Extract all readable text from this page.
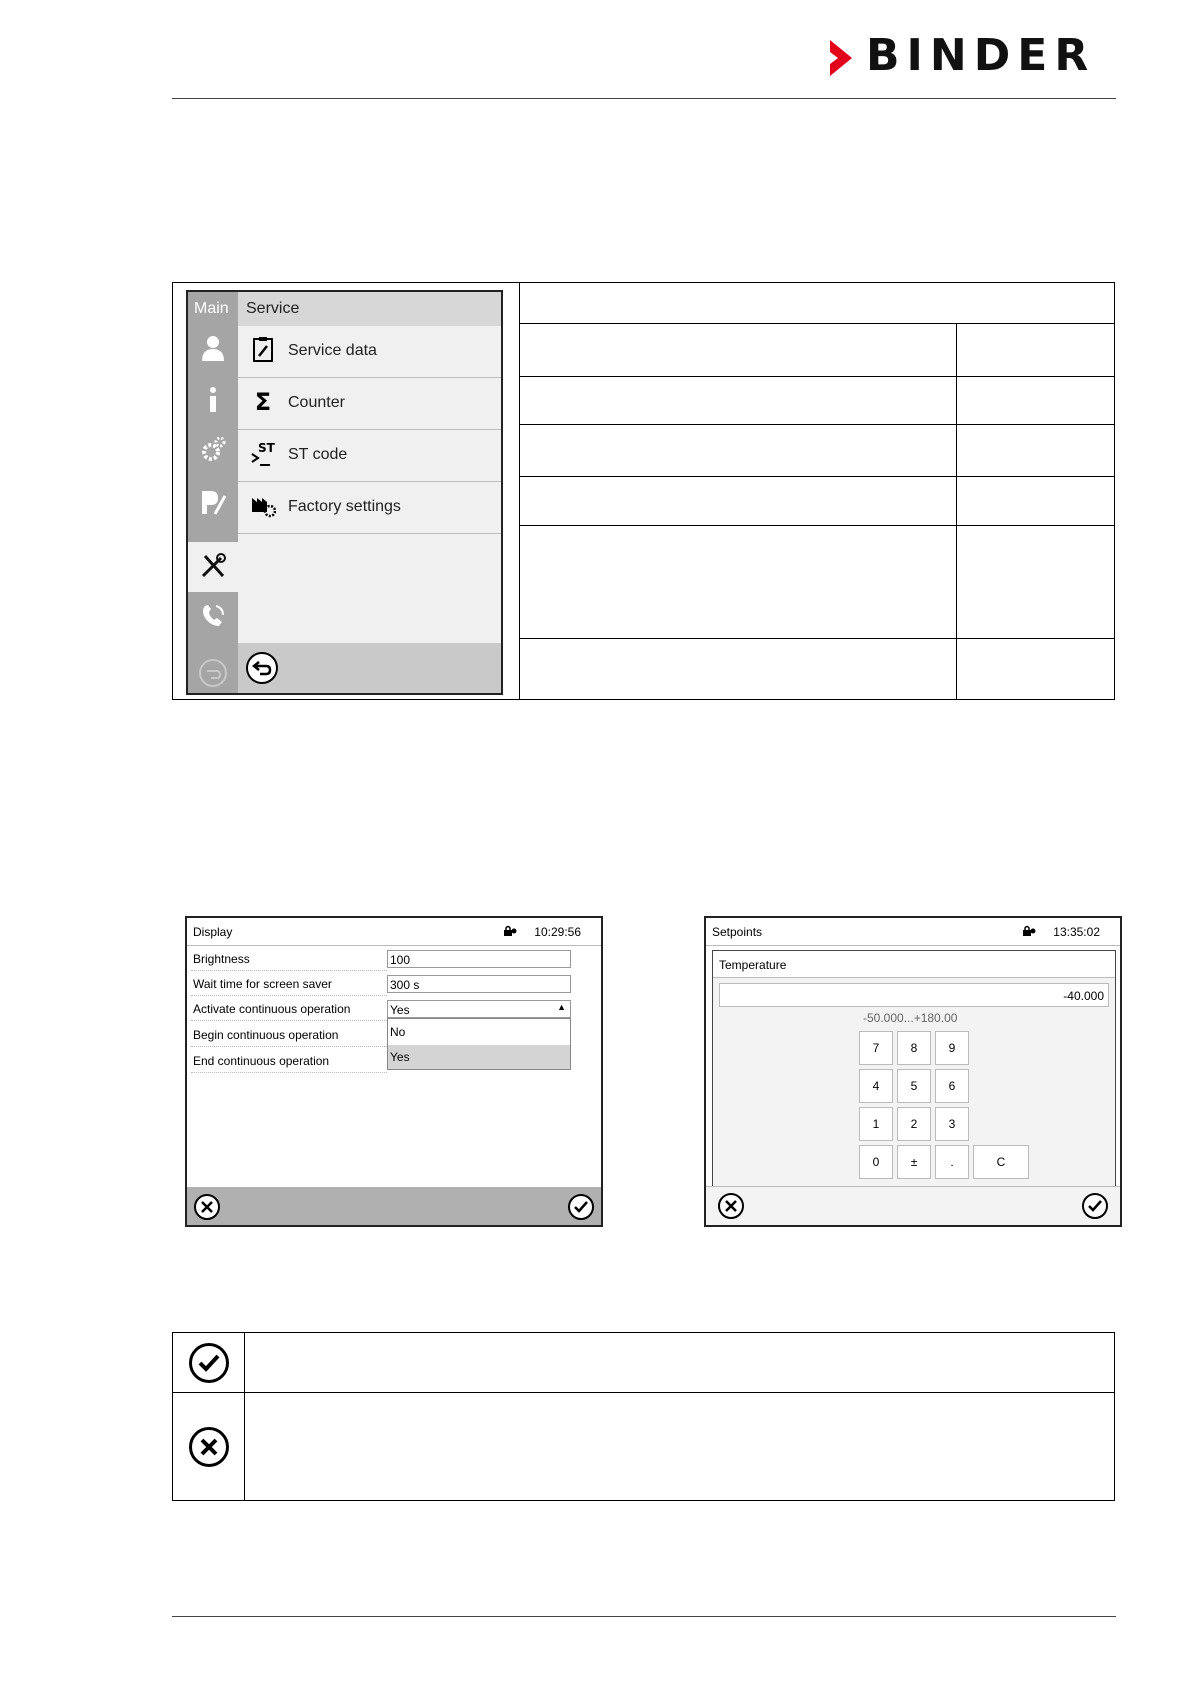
BINDER
Main Service
Service data
Σ Counter
ST ST code
Factory settings
Display	10:29:56
Brightness	100
Wait time for screen saver	300 s
Activate continuous operation	Yes	▲
Begin continuous operation
End continuous operation
No
Yes
Setpoints	13:35:02
Temperature
-40.000
-50.000...+180.00
7	8	9
4	5	6
1	2	3
0	±	.	C
